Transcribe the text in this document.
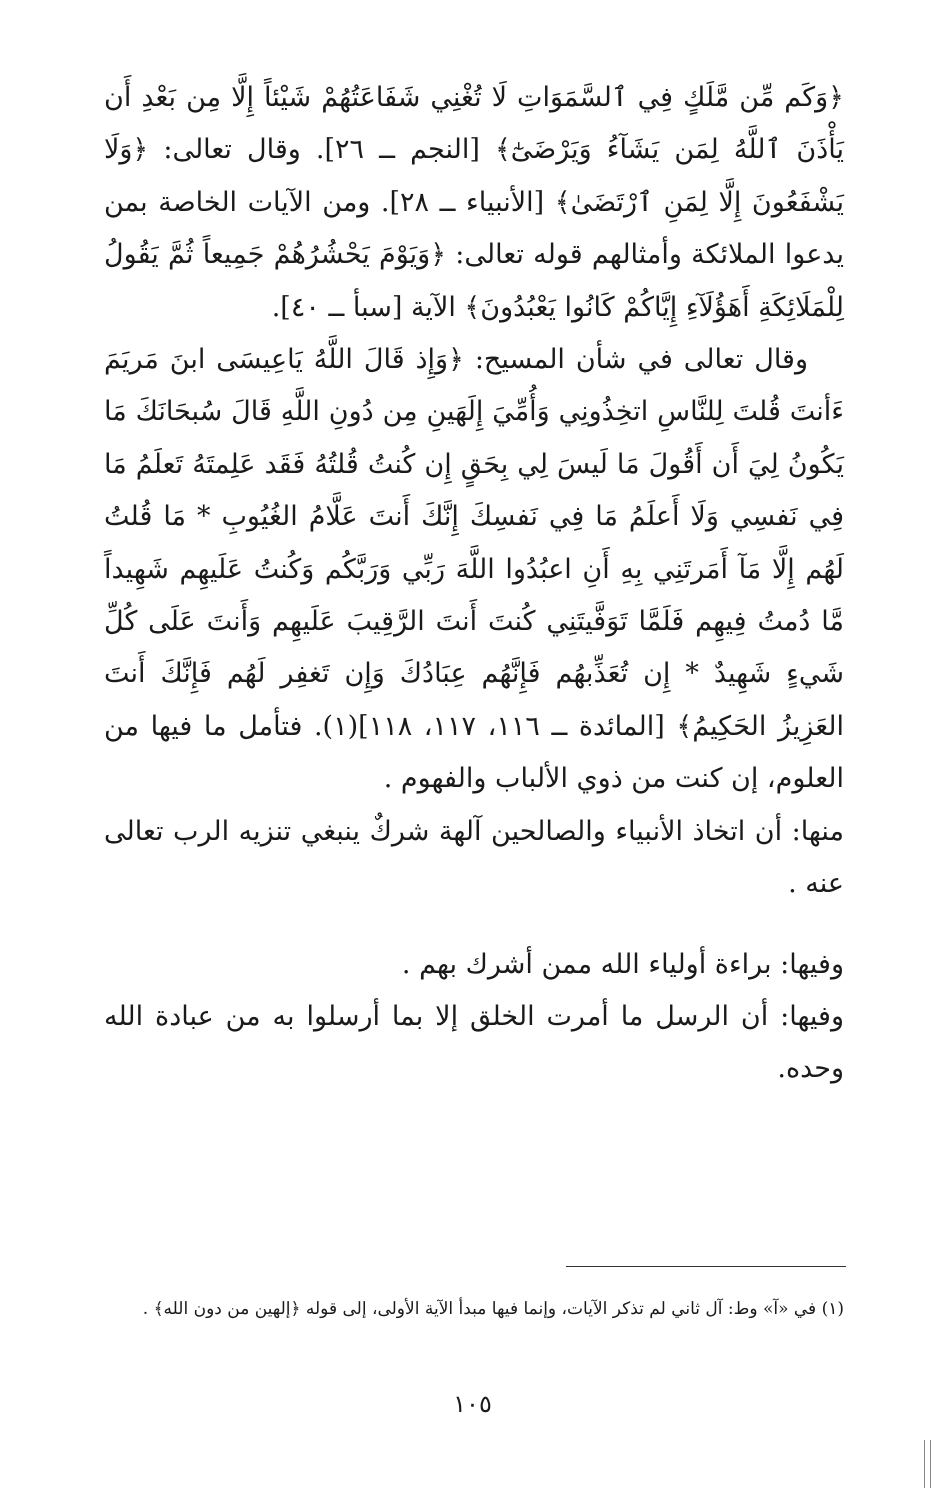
﴿وَكَم مِّن مَّلَكٍ فِي ٱلسَّمَوَاتِ لَا تُغْنِي شَفَاعَتُهُمْ شَيْئاً إِلَّا مِن بَعْدِ أَن يَأْذَنَ ٱللَّهُ لِمَن يَشَآءُ وَيَرْضَىٰٓ﴾ [النجم ــ ٢٦]. وقال تعالى: ﴿وَلَا يَشْفَعُونَ إِلَّا لِمَنِ ٱرْتَضَىٰ﴾ [الأنبياء ــ ٢٨]. ومن الآيات الخاصة بمن يدعوا الملائكة وأمثالهم قوله تعالى: ﴿وَيَوْمَ يَحْشُرُهُمْ جَمِيعاً ثُمَّ يَقُولُ لِلْمَلَائِكَةِ أَهَؤُلَآءِ إِيَّاكُمْ كَانُوا يَعْبُدُونَ﴾ الآية [سبأ ــ ٤٠].

وقال تعالى في شأن المسيح: ﴿وَإِذ قَالَ اللَّهُ يَاعِيسَى ابنَ مَريَمَ ءَأنتَ قُلتَ لِلنَّاسِ اتخِذُونِي وَأُمِّيَ إِلَهَينِ مِن دُونِ اللَّهِ قَالَ سُبحَانَكَ مَا يَكُونُ لِيَ أَن أَقُولَ مَا لَيسَ لِي بِحَقٍ إِن كُنتُ قُلتُهُ فَقَد عَلِمتَهُ تَعلَمُ مَا فِي نَفسِي وَلَا أَعلَمُ مَا فِي نَفسِكَ إِنَّكَ أَنتَ عَلَّامُ الغُيُوبِ * مَا قُلتُ لَهُم إِلَّا مَآ أَمَرتَنِي بِهِ أَنِ اعبُدُوا اللَّهَ رَبِّي وَرَبَّكُم وَكُنتُ عَلَيهِم شَهِيداً مَّا دُمتُ فِيهِم فَلَمَّا تَوَفَّيتَنِي كُنتَ أَنتَ الرَّقِيبَ عَلَيهِم وَأَنتَ عَلَى كُلِّ شَيءٍ شَهِيدٌ * إِن تُعَذِّبهُم فَإِنَّهُم عِبَادُكَ وَإِن تَغفِر لَهُم فَإِنَّكَ أَنتَ العَزِيزُ الحَكِيمُ﴾ [المائدة ــ ١١٦، ١١٧، ١١٨](١). فتأمل ما فيها من العلوم، إن كنت من ذوي الألباب والفهوم .

منها: أن اتخاذ الأنبياء والصالحين آلهة شركٌ ينبغي تنزيه الرب تعالى عنه .

وفيها: براءة أولياء الله ممن أشرك بهم .

وفيها: أن الرسل ما أمرت الخلق إلا بما أرسلوا به من عبادة الله وحده.

(١) في «آ» وط: آل ثاني لم تذكر الآيات، وإنما فيها مبدأ الآية الأولى، إلى قوله ﴿إلهين من دون الله﴾ .

١٠٥
